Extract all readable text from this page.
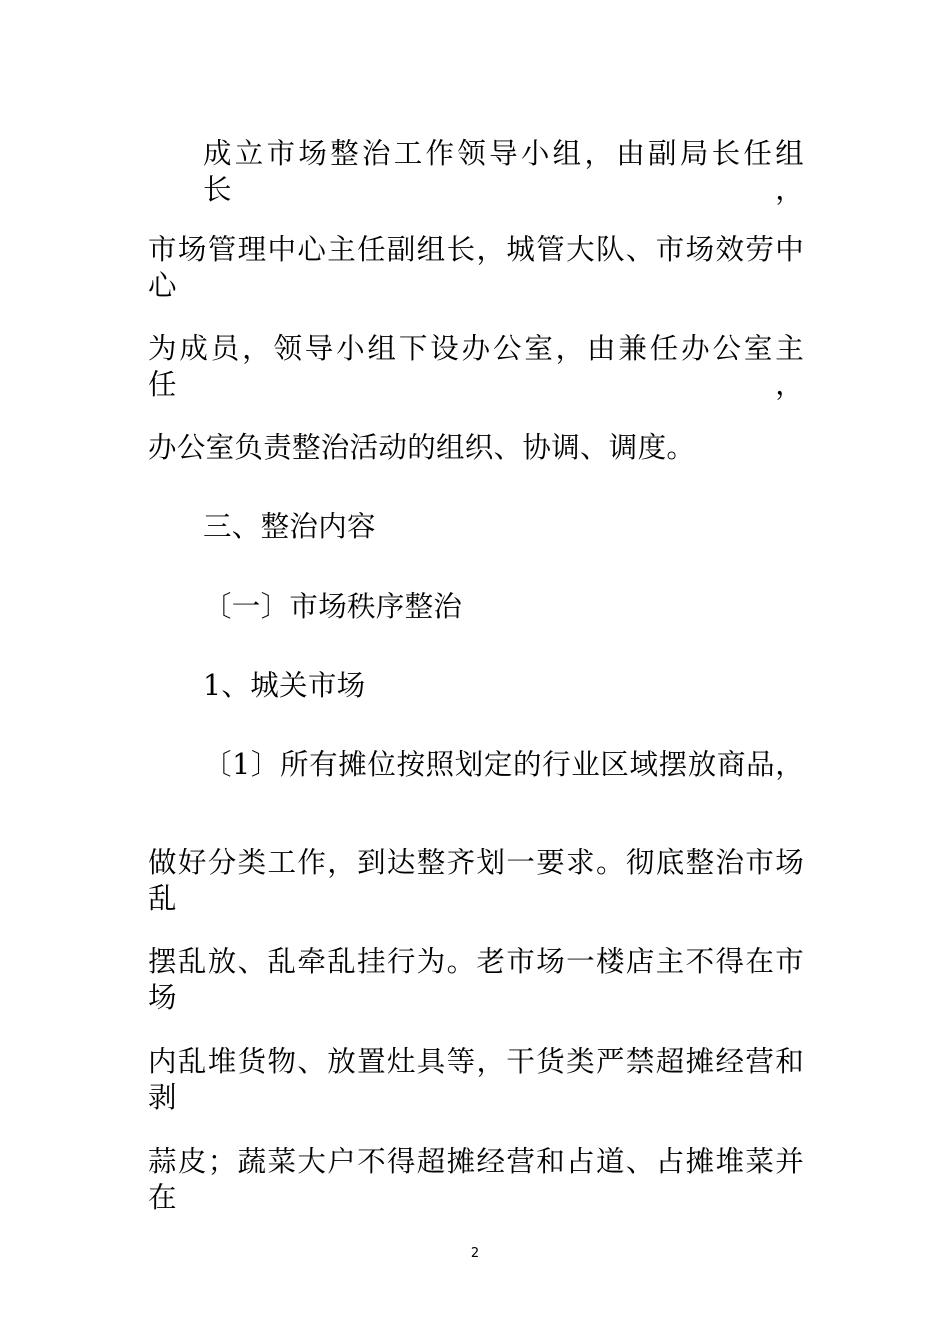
成立市场整治工作领导小组，由副局长任组长，
市场管理中心主任副组长，城管大队、市场效劳中心
为成员，领导小组下设办公室，由兼任办公室主任，
办公室负责整治活动的组织、协调、调度。
三、整治内容
〔一〕市场秩序整治
1、城关市场
〔1〕所有摊位按照划定的行业区域摆放商品，
做好分类工作，到达整齐划一要求。彻底整治市场乱
摆乱放、乱牵乱挂行为。老市场一楼店主不得在市场
内乱堆货物、放置灶具等，干货类严禁超摊经营和剥
蒜皮；蔬菜大户不得超摊经营和占道、占摊堆菜并在
2
